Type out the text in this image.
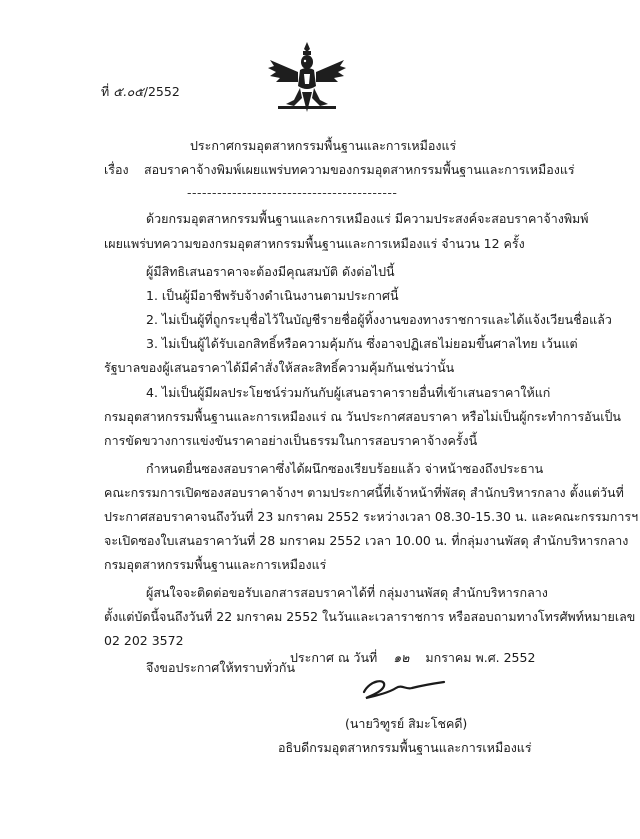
ที่ ๕.๐๕/2552
ประกาศกรมอุตสาหกรรมพื้นฐานและการเหมืองแร่
เรื่อง สอบราคาจ้างพิมพ์เผยแพร่บทความของกรมอุตสาหกรรมพื้นฐานและการเหมืองแร่
------------------------------------------
ด้วยกรมอุตสาหกรรมพื้นฐานและการเหมืองแร่ มีความประสงค์จะสอบราคาจ้างพิมพ์
เผยแพร่บทความของกรมอุตสาหกรรมพื้นฐานและการเหมืองแร่ จำนวน 12 ครั้ง
ผู้มีสิทธิเสนอราคาจะต้องมีคุณสมบัติ ดังต่อไปนี้
1. เป็นผู้มีอาชีพรับจ้างดำเนินงานตามประกาศนี้
2. ไม่เป็นผู้ที่ถูกระบุชื่อไว้ในบัญชีรายชื่อผู้ทิ้งงานของทางราชการและได้แจ้งเวียนชื่อแล้ว
3. ไม่เป็นผู้ได้รับเอกสิทธิ์หรือความคุ้มกัน ซึ่งอาจปฏิเสธไม่ยอมขึ้นศาลไทย เว้นแต่
รัฐบาลของผู้เสนอราคาได้มีคำสั่งให้สละสิทธิ์ความคุ้มกันเช่นว่านั้น
4. ไม่เป็นผู้มีผลประโยชน์ร่วมกันกับผู้เสนอราคารายอื่นที่เข้าเสนอราคาให้แก่
กรมอุตสาหกรรมพื้นฐานและการเหมืองแร่ ณ วันประกาศสอบราคา หรือไม่เป็นผู้กระทำการอันเป็น
การขัดขวางการแข่งขันราคาอย่างเป็นธรรมในการสอบราคาจ้างครั้งนี้
กำหนดยื่นซองสอบราคาซึ่งได้ผนึกซองเรียบร้อยแล้ว จ่าหน้าซองถึงประธาน
คณะกรรมการเปิดซองสอบราคาจ้างฯ ตามประกาศนี้ที่เจ้าหน้าที่พัสดุ สำนักบริหารกลาง ตั้งแต่วันที่
ประกาศสอบราคาจนถึงวันที่ 23 มกราคม 2552 ระหว่างเวลา 08.30-15.30 น. และคณะกรรมการฯ
จะเปิดซองใบเสนอราคาวันที่ 28 มกราคม 2552 เวลา 10.00 น. ที่กลุ่มงานพัสดุ สำนักบริหารกลาง
กรมอุตสาหกรรมพื้นฐานและการเหมืองแร่
ผู้สนใจจะติดต่อขอรับเอกสารสอบราคาได้ที่ กลุ่มงานพัสดุ สำนักบริหารกลาง
ตั้งแต่บัดนี้จนถึงวันที่ 22 มกราคม 2552 ในวันและเวลาราชการ หรือสอบถามทางโทรศัพท์หมายเลข
02 202 3572
จึงขอประกาศให้ทราบทั่วกัน
ประกาศ ณ วันที่ ๑๒ มกราคม พ.ศ. 2552
(นายวิฑูรย์ สิมะโชคดี)
อธิบดีกรมอุตสาหกรรมพื้นฐานและการเหมืองแร่
